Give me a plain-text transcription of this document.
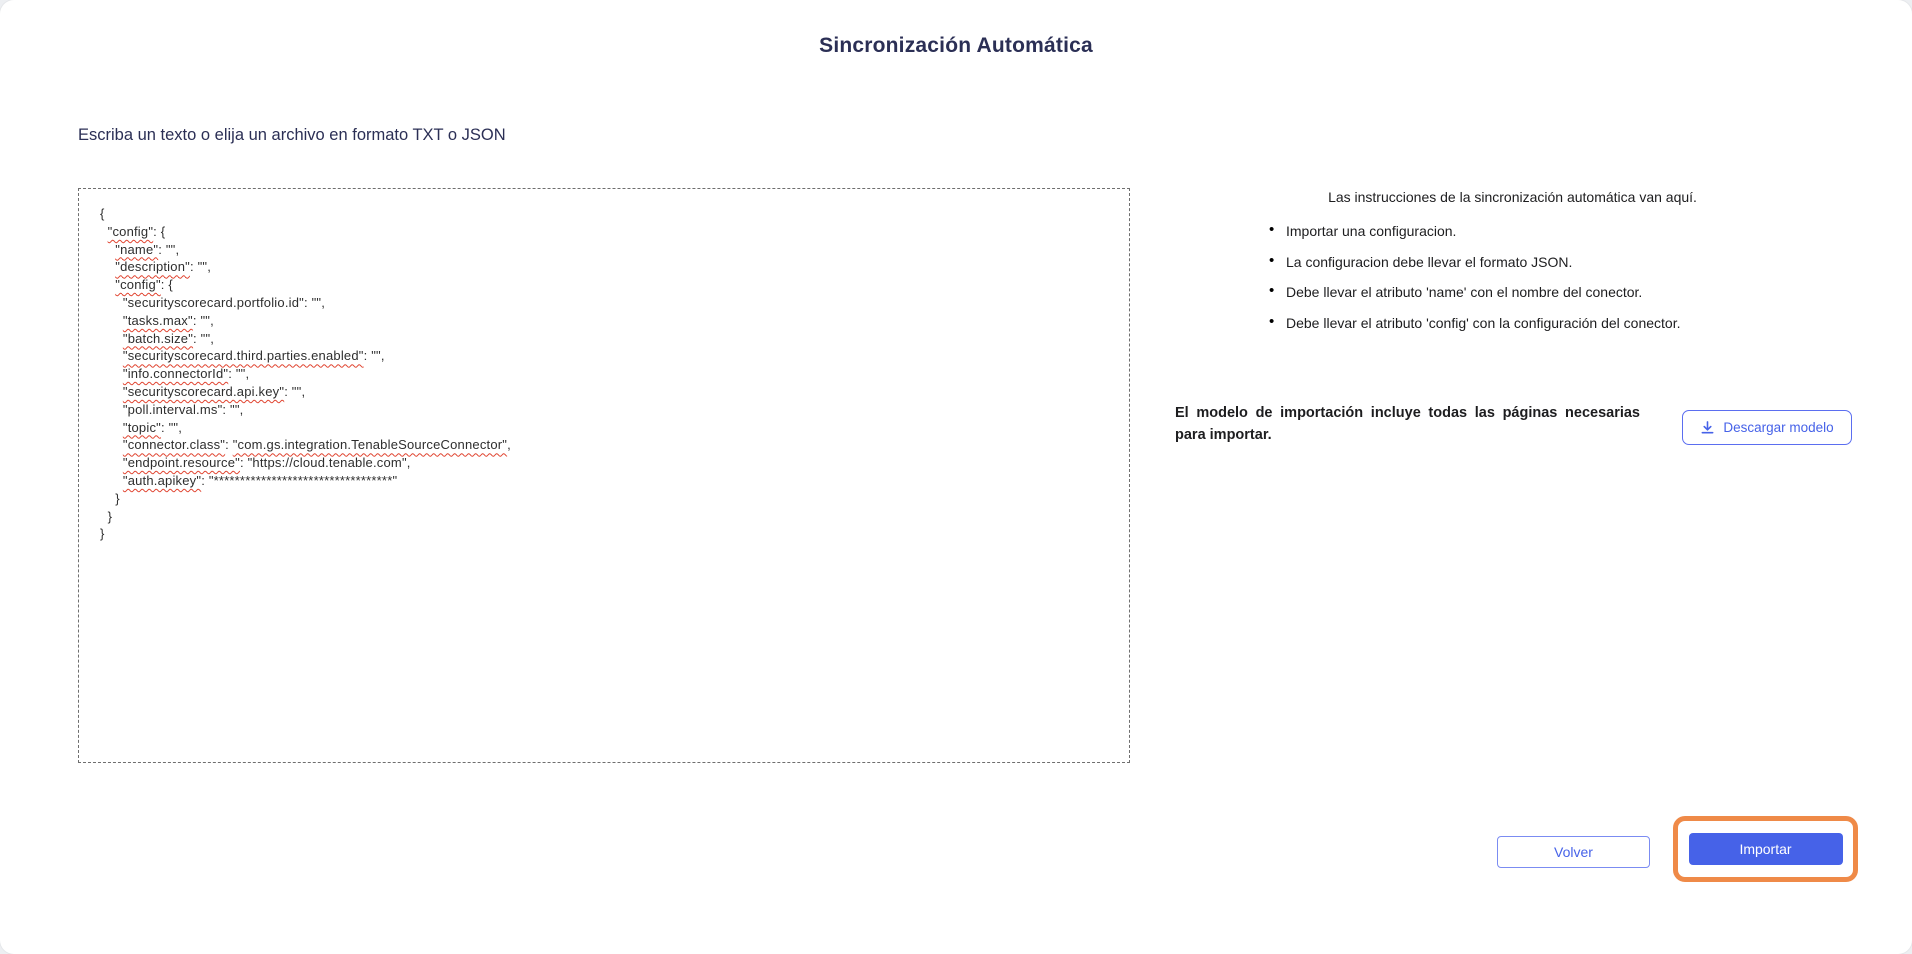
Sincronización Automática
Escriba un texto o elija un archivo en formato TXT o JSON
{
"config": {
"name": "",
"description": "",
"config": {
"securityscorecard.portfolio.id": "",
"tasks.max": "",
"batch.size": "",
"securityscorecard.third.parties.enabled": "",
"info.connectorId": "",
"securityscorecard.api.key": "",
"poll.interval.ms": "",
"topic": "",
"connector.class": "com.gs.integration.TenableSourceConnector",
"endpoint.resource": "https://cloud.tenable.com",
"auth.apikey": "**********************************"
}
}
}
Las instrucciones de la sincronización automática van aquí.
• Importar una configuracion.
• La configuracion debe llevar el formato JSON.
• Debe llevar el atributo 'name' con el nombre del conector.
• Debe llevar el atributo 'config' con la configuración del conector.

El modelo de importación incluye todas las páginas necesarias para importar.	Descargar modelo
Volver	Importar
